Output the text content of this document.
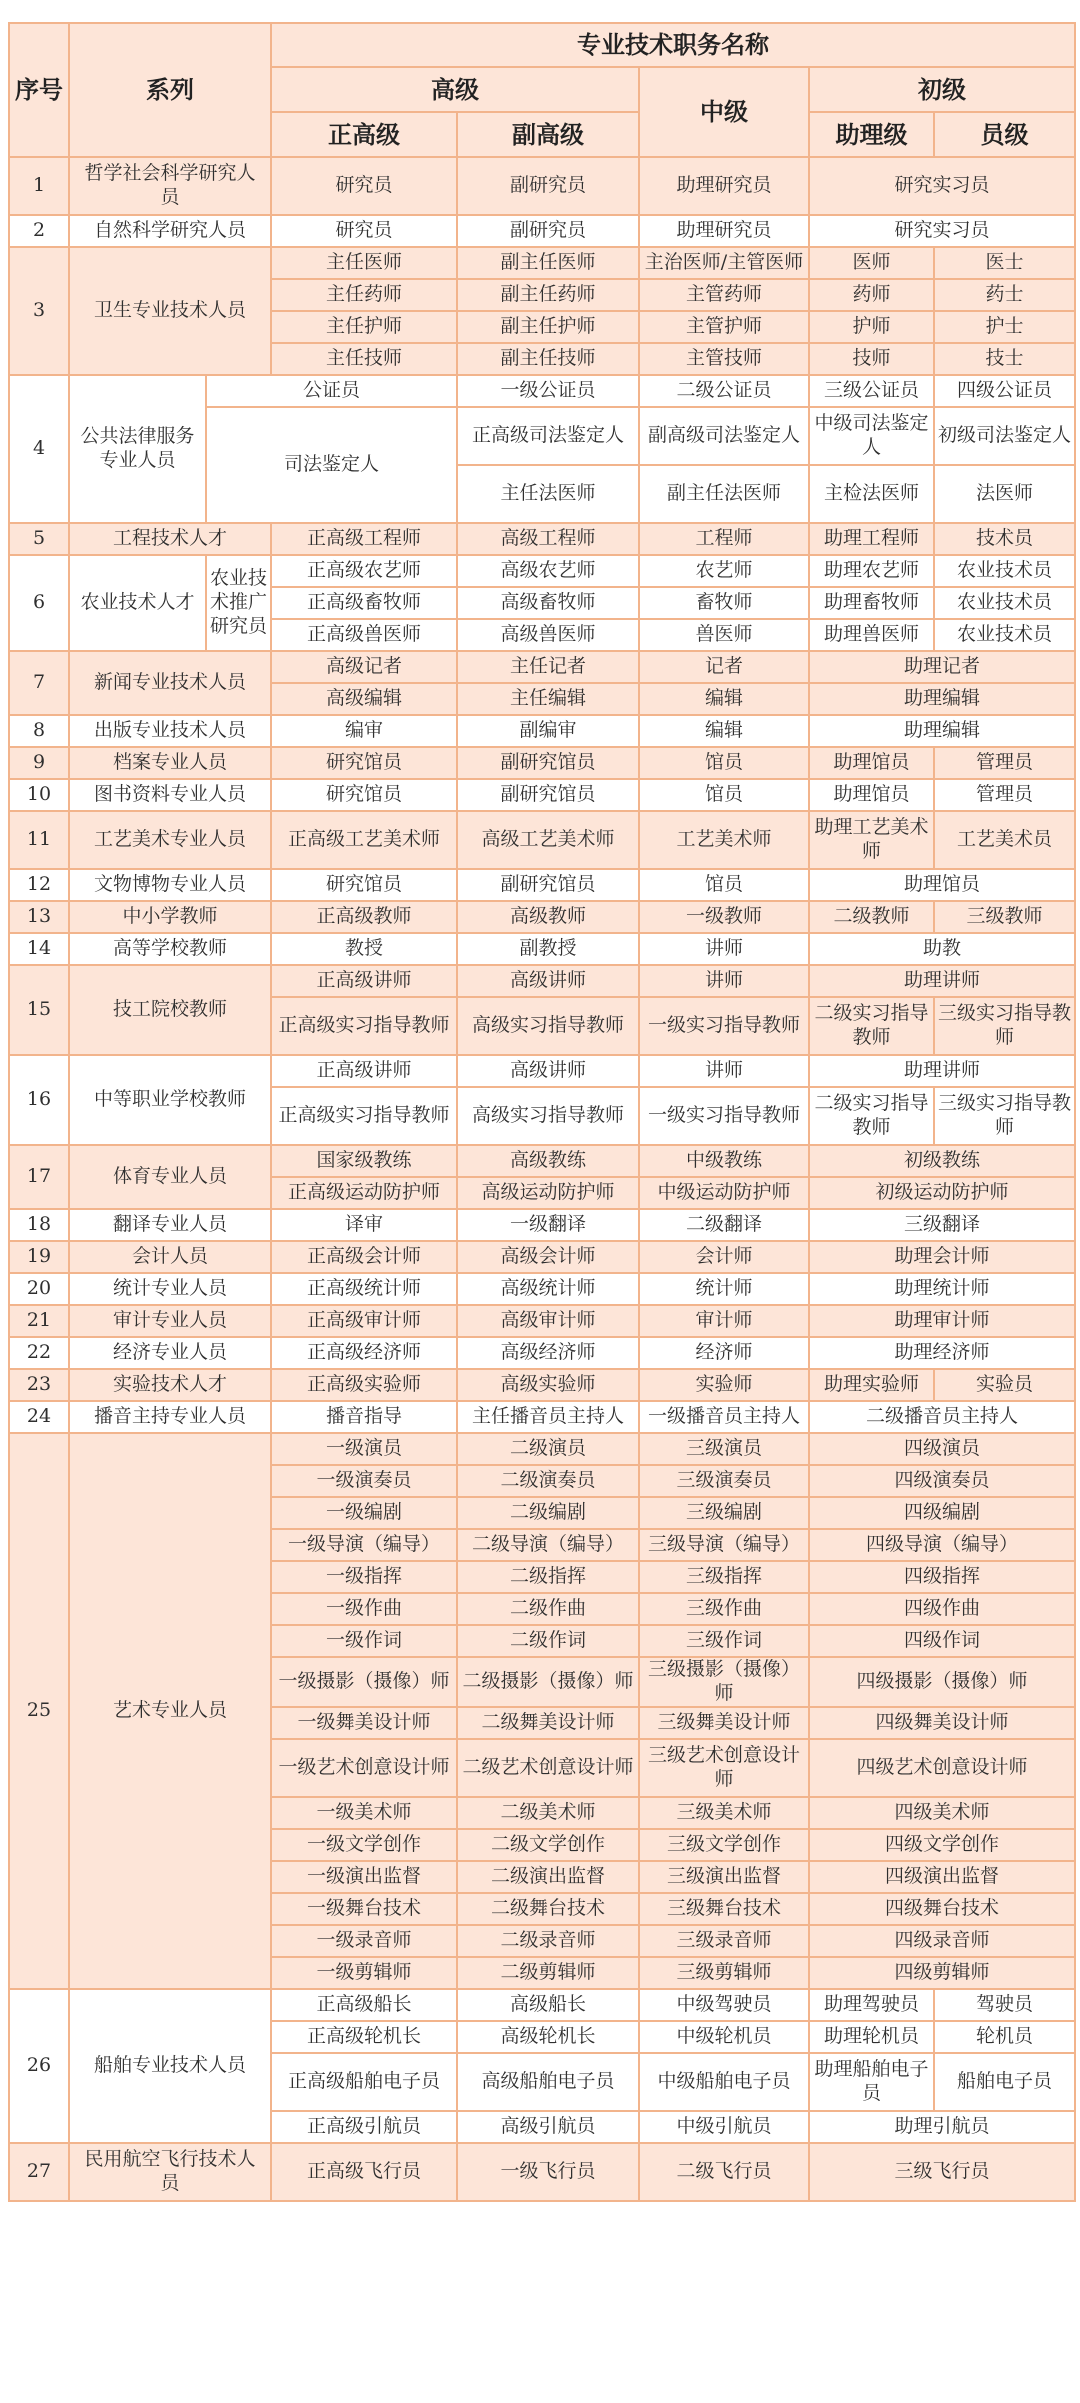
序号	系列		专业技术职务名称				
			高级		中级	初级	
			正高级	副高级		助理级	员级
1	哲学社会科学研究人员		研究员	副研究员	助理研究员	研究实习员	
2	自然科学研究人员		研究员	副研究员	助理研究员	研究实习员	
3	卫生专业技术人员		主任医师	副主任医师	主治医师/主管医师	医师	医士
			主任药师	副主任药师	主管药师	药师	药士
			主任护师	副主任护师	主管护师	护师	护士
			主任技师	副主任技师	主管技师	技师	技士
4	公共法律服务专业人员	公证员		一级公证员	二级公证员	三级公证员	四级公证员
		司法鉴定人		正高级司法鉴定人	副高级司法鉴定人	中级司法鉴定人	初级司法鉴定人
				主任法医师	副主任法医师	主检法医师	法医师
5	工程技术人才		正高级工程师	高级工程师	工程师	助理工程师	技术员
6	农业技术人才	农业技术推广研究员	正高级农艺师	高级农艺师	农艺师	助理农艺师	农业技术员
			正高级畜牧师	高级畜牧师	畜牧师	助理畜牧师	农业技术员
			正高级兽医师	高级兽医师	兽医师	助理兽医师	农业技术员
7	新闻专业技术人员		高级记者	主任记者	记者	助理记者	
			高级编辑	主任编辑	编辑	助理编辑	
8	出版专业技术人员		编审	副编审	编辑	助理编辑	
9	档案专业人员		研究馆员	副研究馆员	馆员	助理馆员	管理员
10	图书资料专业人员		研究馆员	副研究馆员	馆员	助理馆员	管理员
11	工艺美术专业人员		正高级工艺美术师	高级工艺美术师	工艺美术师	助理工艺美术师	工艺美术员
12	文物博物专业人员		研究馆员	副研究馆员	馆员	助理馆员	
13	中小学教师		正高级教师	高级教师	一级教师	二级教师	三级教师
14	高等学校教师		教授	副教授	讲师	助教	
15	技工院校教师		正高级讲师	高级讲师	讲师	助理讲师	
			正高级实习指导教师	高级实习指导教师	一级实习指导教师	二级实习指导教师	三级实习指导教师
16	中等职业学校教师		正高级讲师	高级讲师	讲师	助理讲师	
			正高级实习指导教师	高级实习指导教师	一级实习指导教师	二级实习指导教师	三级实习指导教师
17	体育专业人员		国家级教练	高级教练	中级教练	初级教练	
			正高级运动防护师	高级运动防护师	中级运动防护师	初级运动防护师	
18	翻译专业人员		译审	一级翻译	二级翻译	三级翻译	
19	会计人员		正高级会计师	高级会计师	会计师	助理会计师	
20	统计专业人员		正高级统计师	高级统计师	统计师	助理统计师	
21	审计专业人员		正高级审计师	高级审计师	审计师	助理审计师	
22	经济专业人员		正高级经济师	高级经济师	经济师	助理经济师	
23	实验技术人才		正高级实验师	高级实验师	实验师	助理实验师	实验员
24	播音主持专业人员		播音指导	主任播音员主持人	一级播音员主持人	二级播音员主持人	
25	艺术专业人员		一级演员	二级演员	三级演员	四级演员	
			一级演奏员	二级演奏员	三级演奏员	四级演奏员	
			一级编剧	二级编剧	三级编剧	四级编剧	
			一级导演（编导）	二级导演（编导）	三级导演（编导）	四级导演（编导）	
			一级指挥	二级指挥	三级指挥	四级指挥	
			一级作曲	二级作曲	三级作曲	四级作曲	
			一级作词	二级作词	三级作词	四级作词	
			一级摄影（摄像）师	二级摄影（摄像）师	三级摄影（摄像）师	四级摄影（摄像）师	
			一级舞美设计师	二级舞美设计师	三级舞美设计师	四级舞美设计师	
			一级艺术创意设计师	二级艺术创意设计师	三级艺术创意设计师	四级艺术创意设计师	
			一级美术师	二级美术师	三级美术师	四级美术师	
			一级文学创作	二级文学创作	三级文学创作	四级文学创作	
			一级演出监督	二级演出监督	三级演出监督	四级演出监督	
			一级舞台技术	二级舞台技术	三级舞台技术	四级舞台技术	
			一级录音师	二级录音师	三级录音师	四级录音师	
			一级剪辑师	二级剪辑师	三级剪辑师	四级剪辑师	
26	船舶专业技术人员		正高级船长	高级船长	中级驾驶员	助理驾驶员	驾驶员
			正高级轮机长	高级轮机长	中级轮机员	助理轮机员	轮机员
			正高级船舶电子员	高级船舶电子员	中级船舶电子员	助理船舶电子员	船舶电子员
			正高级引航员	高级引航员	中级引航员	助理引航员	
27	民用航空飞行技术人员		正高级飞行员	一级飞行员	二级飞行员	三级飞行员	
